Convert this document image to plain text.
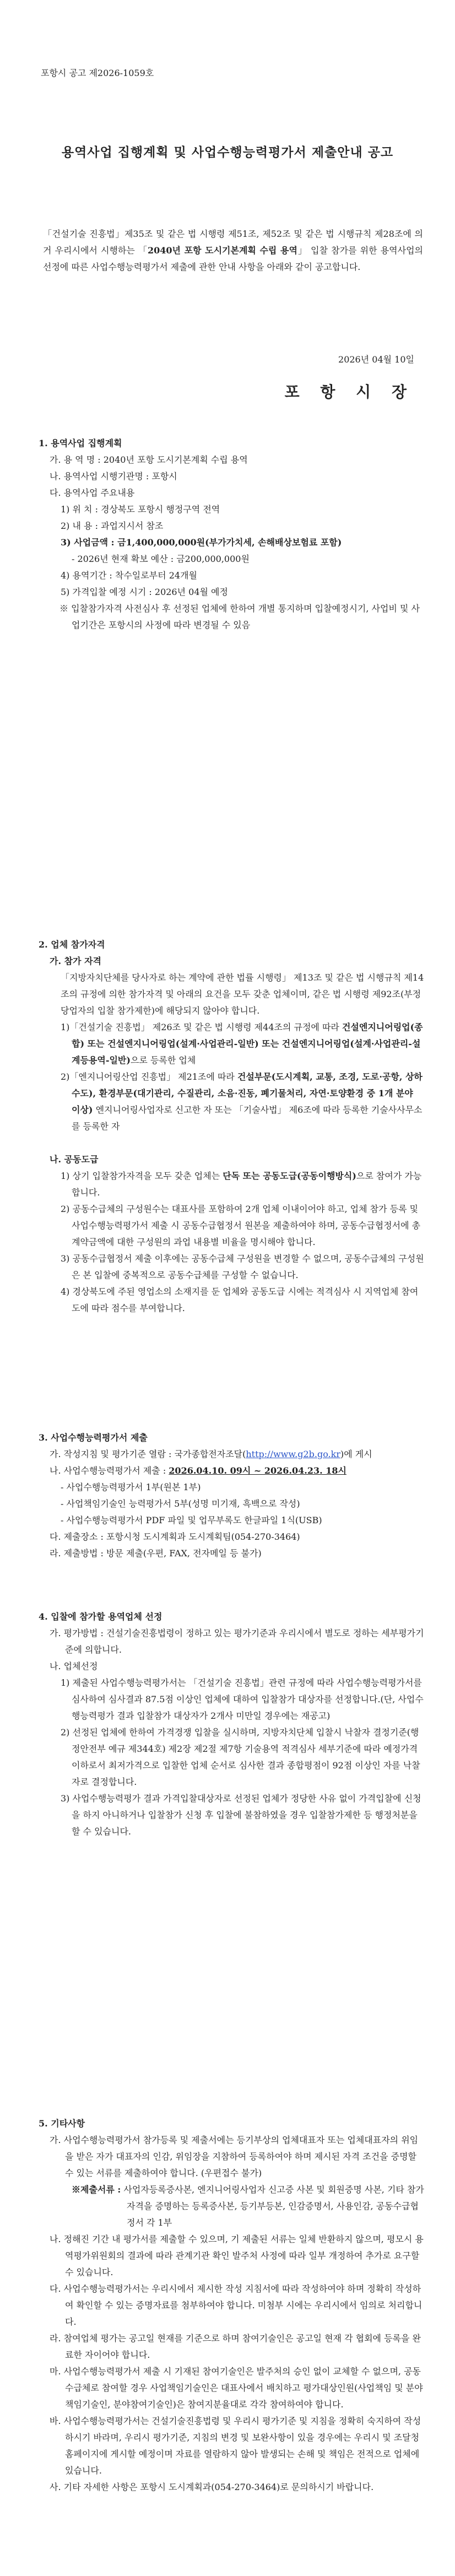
포항시 공고 제2026-1059호
용역사업 집행계획 및 사업수행능력평가서 제출안내 공고
「건설기술 진흥법」제35조 및 같은 법 시행령 제51조, 제52조 및 같은 법 시행규칙 제28조에 의거 우리시에서 시행하는 「2040년 포항 도시기본계획 수립 용역」 입찰 참가를 위한 용역사업의 선정에 따른 사업수행능력평가서 제출에 관한 안내 사항을 아래와 같이 공고합니다.
2026년 04월 10일
포 항 시 장
1. 용역사업 집행계획
가. 용 역 명 : 2040년 포항 도시기본계획 수립 용역
나. 용역사업 시행기관명 : 포항시
다. 용역사업 주요내용
1) 위 치 : 경상북도 포항시 행정구역 전역
2) 내 용 : 과업지시서 참조
3) 사업금액 : 금1,400,000,000원(부가가치세, 손해배상보험료 포함)
- 2026년 현재 확보 예산 : 금200,000,000원
4) 용역기간 : 착수일로부터 24개월
5) 가격입찰 예정 시기 : 2026년 04월 예정
※ 입찰참가자격 사전심사 후 선정된 업체에 한하여 개별 통지하며 입찰예정시기, 사업비 및 사업기간은 포항시의 사정에 따라 변경될 수 있음
2. 업체 참가자격
가. 참가 자격
「지방자치단체를 당사자로 하는 계약에 관한 법률 시행령」 제13조 및 같은 법 시행규칙 제14조의 규정에 의한 참가자격 및 아래의 요건을 모두 갖춘 업체이며, 같은 법 시행령 제92조(부정당업자의 입찰 참가제한)에 해당되지 않아야 합니다.
1)「건설기술 진흥법」 제26조 및 같은 법 시행령 제44조의 규정에 따라 건설엔지니어링업(종합) 또는 건설엔지니어링업(설계·사업관리-일반) 또는 건설엔지니어링업(설계·사업관리-설계등용역-일반)으로 등록한 업체
2)「엔지니어링산업 진흥법」 제21조에 따라 건설부문(도시계획, 교통, 조경, 도로·공항, 상하수도), 환경부문(대기관리, 수질관리, 소음·진동, 폐기물처리, 자연·토양환경 중 1개 분야 이상) 엔지니어링사업자로 신고한 자 또는 「기술사법」 제6조에 따라 등록한 기술사사무소를 등록한 자
나. 공동도급
1) 상기 입찰참가자격을 모두 갖춘 업체는 단독 또는 공동도급(공동이행방식)으로 참여가 가능합니다.
2) 공동수급체의 구성원수는 대표사를 포함하여 2개 업체 이내이어야 하고, 업체 참가 등록 및 사업수행능력평가서 제출 시 공동수급협정서 원본을 제출하여야 하며, 공동수급협정서에 총 계약금액에 대한 구성원의 과업 내용별 비율을 명시해야 합니다.
3) 공동수급협정서 제출 이후에는 공동수급체 구성원을 변경할 수 없으며, 공동수급체의 구성원은 본 입찰에 중복적으로 공동수급체를 구성할 수 없습니다.
4) 경상북도에 주된 영업소의 소재지를 둔 업체와 공동도급 시에는 적격심사 시 지역업체 참여도에 따라 점수를 부여합니다.
3. 사업수행능력평가서 제출
가. 작성지침 및 평가기준 열람 : 국가종합전자조달(http://www.g2b.go.kr)에 게시
나. 사업수행능력평가서 제출 : 2026.04.10. 09시 ~ 2026.04.23. 18시
- 사업수행능력평가서 1부(원본 1부)
- 사업책임기술인 능력평가서 5부(성명 미기재, 흑백으로 작성)
- 사업수행능력평가서 PDF 파일 및 업무부록도 한글파일 1식(USB)
다. 제출장소 : 포항시청 도시계획과 도시계획팀(054-270-3464)
라. 제출방법 : 방문 제출(우편, FAX, 전자메일 등 불가)
4. 입찰에 참가할 용역업체 선정
가. 평가방법 : 건설기술진흥법령이 정하고 있는 평가기준과 우리시에서 별도로 정하는 세부평가기준에 의합니다.
나. 업체선정
1) 제출된 사업수행능력평가서는 「건설기술 진흥법」관련 규정에 따라 사업수행능력평가서를 심사하여 심사결과 87.5점 이상인 업체에 대하여 입찰참가 대상자를 선정합니다.(단, 사업수행능력평가 결과 입찰참가 대상자가 2개사 미만일 경우에는 재공고)
2) 선정된 업체에 한하여 가격경쟁 입찰을 실시하며, 지방자치단체 입찰시 낙찰자 결정기준(행정안전부 예규 제344호) 제2장 제2절 제7항 기술용역 적격심사 세부기준에 따라 예정가격 이하로서 최저가격으로 입찰한 업체 순서로 심사한 결과 종합평점이 92점 이상인 자를 낙찰자로 결정합니다.
3) 사업수행능력평가 결과 가격입찰대상자로 선정된 업체가 정당한 사유 없이 가격입찰에 신청을 하지 아니하거나 입찰참가 신청 후 입찰에 불참하였을 경우 입찰참가제한 등 행정처분을 할 수 있습니다.
5. 기타사항
가. 사업수행능력평가서 참가등록 및 제출서에는 등기부상의 업체대표자 또는 업체대표자의 위임을 받은 자가 대표자의 인감, 위임장을 지참하여 등록하여야 하며 제시된 자격 조건을 증명할 수 있는 서류를 제출하여야 합니다. (우편접수 불가)
※제출서류 : 사업자등록증사본, 엔지니어링사업자 신고증 사본 및 회원증명 사본, 기타 참가자격을 증명하는 등록증사본, 등기부등본, 인감증명서, 사용인감, 공동수급협정서 각 1부
나. 정해진 기간 내 평가서를 제출할 수 있으며, 기 제출된 서류는 일체 반환하지 않으며, 평모시 용역평가위원회의 결과에 따라 관계기관 확인 발주처 사정에 따라 일부 개정하여 추가로 요구할 수 있습니다.
다. 사업수행능력평가서는 우리시에서 제시한 작성 지침서에 따라 작성하여야 하며 정확히 작성하여 확인할 수 있는 증명자료를 첨부하여야 합니다. 미첨부 시에는 우리시에서 임의로 처리합니다.
라. 참여업체 평가는 공고일 현재를 기준으로 하며 참여기술인은 공고일 현재 각 협회에 등록을 완료한 자이어야 합니다.
마. 사업수행능력평가서 제출 시 기재된 참여기술인은 발주처의 승인 없이 교체할 수 없으며, 공동수급체로 참여할 경우 사업책임기술인은 대표사에서 배치하고 평가대상인원(사업책임 및 분야책임기술인, 분야참여기술인)은 참여지분율대로 각각 참여하여야 합니다.
바. 사업수행능력평가서는 건설기술진흥법령 및 우리시 평가기준 및 지침을 정확히 숙지하여 작성하시기 바라며, 우리시 평가기준, 지침의 변경 및 보완사항이 있을 경우에는 우리시 및 조달청 홈페이지에 게시할 예정이며 자료를 열람하지 않아 발생되는 손해 및 책임은 전적으로 업체에 있습니다.
사. 기타 자세한 사항은 포항시 도시계획과(054-270-3464)로 문의하시기 바랍니다.
